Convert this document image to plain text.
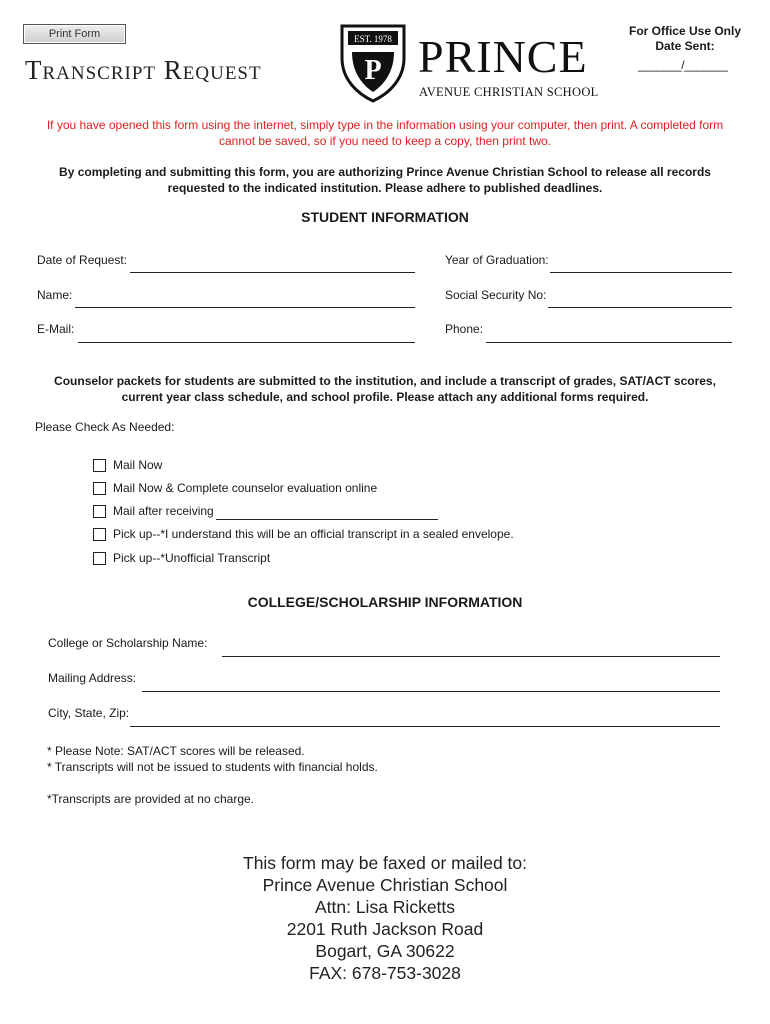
Print Form
Transcript Request
EST. 1978
P PRINCE
AVENUE CHRISTIAN SCHOOL
For Office Use Only
Date Sent:
_______/_______
If you have opened this form using the internet, simply type in the information using your computer, then print. A completed form cannot be saved, so if you need to keep a copy, then print two.
By completing and submitting this form, you are authorizing Prince Avenue Christian School to release all records requested to the indicated institution. Please adhere to published deadlines.
STUDENT INFORMATION
Date of Request:	Year of Graduation:
Name:	Social Security No:
E-Mail:	Phone:
Counselor packets for students are submitted to the institution, and include a transcript of grades, SAT/ACT scores, current year class schedule, and school profile. Please attach any additional forms required.
Please Check As Needed:
Mail Now
Mail Now & Complete counselor evaluation online
Mail after receiving
Pick up--*I understand this will be an official transcript in a sealed envelope.
Pick up--*Unofficial Transcript
COLLEGE/SCHOLARSHIP INFORMATION
College or Scholarship Name:
Mailing Address:
City, State, Zip:
* Please Note: SAT/ACT scores will be released.
* Transcripts will not be issued to students with financial holds.
*Transcripts are provided at no charge.
This form may be faxed or mailed to:
Prince Avenue Christian School
Attn: Lisa Ricketts
2201 Ruth Jackson Road
Bogart, GA 30622
FAX: 678-753-3028
